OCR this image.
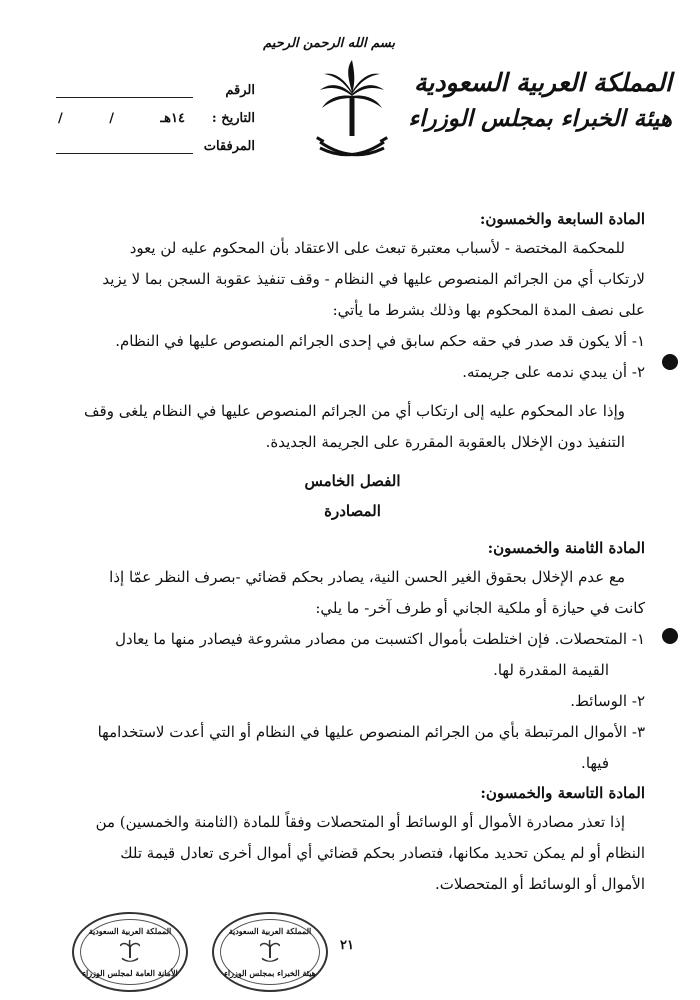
بسم الله الرحمن الرحيم
المملكة العربية السعودية
هيئة الخبراء بمجلس الوزراء
الرقم
التاريخ :
١٤هـ
/
/
المرفقات
المادة السابعة والخمسون:
للمحكمة المختصة - لأسباب معتبرة تبعث على الاعتقاد بأن المحكوم عليه لن يعود
لارتكاب أي من الجرائم المنصوص عليها في النظام - وقف تنفيذ عقوبة السجن بما لا يزيد
على نصف المدة المحكوم بها وذلك بشرط ما يأتي:
١- ألا يكون قد صدر في حقه حكم سابق في إحدى الجرائم المنصوص عليها في النظام.
٢- أن يبدي ندمه على جريمته.
وإذا عاد المحكوم عليه إلى ارتكاب أي من الجرائم المنصوص عليها في النظام يلغى وقف
التنفيذ دون الإخلال بالعقوبة المقررة على الجريمة الجديدة.
الفصل الخامس
المصادرة
المادة الثامنة والخمسون:
مع عدم الإخلال بحقوق الغير الحسن النية، يصادر بحكم قضائي -بصرف النظر عمّا إذا
كانت في حيازة أو ملكية الجاني أو طرف آخر- ما يلي:
١- المتحصلات. فإن اختلطت بأموال اكتسبت من مصادر مشروعة فيصادر منها ما يعادل
القيمة المقدرة لها.
٢- الوسائط.
٣- الأموال المرتبطة بأي من الجرائم المنصوص عليها في النظام أو التي أعدت لاستخدامها
فيها.
المادة التاسعة والخمسون:
إذا تعذر مصادرة الأموال أو الوسائط أو المتحصلات وفقاً للمادة (الثامنة والخمسين) من
النظام أو لم يمكن تحديد مكانها، فتصادر بحكم قضائي أي أموال أخرى تعادل قيمة تلك
الأموال أو الوسائط أو المتحصلات.
٢١
المملكة العربية السعودية
الأمانة العامة لمجلس الوزراء
المملكة العربية السعودية
هيئة الخبراء بمجلس الوزراء
